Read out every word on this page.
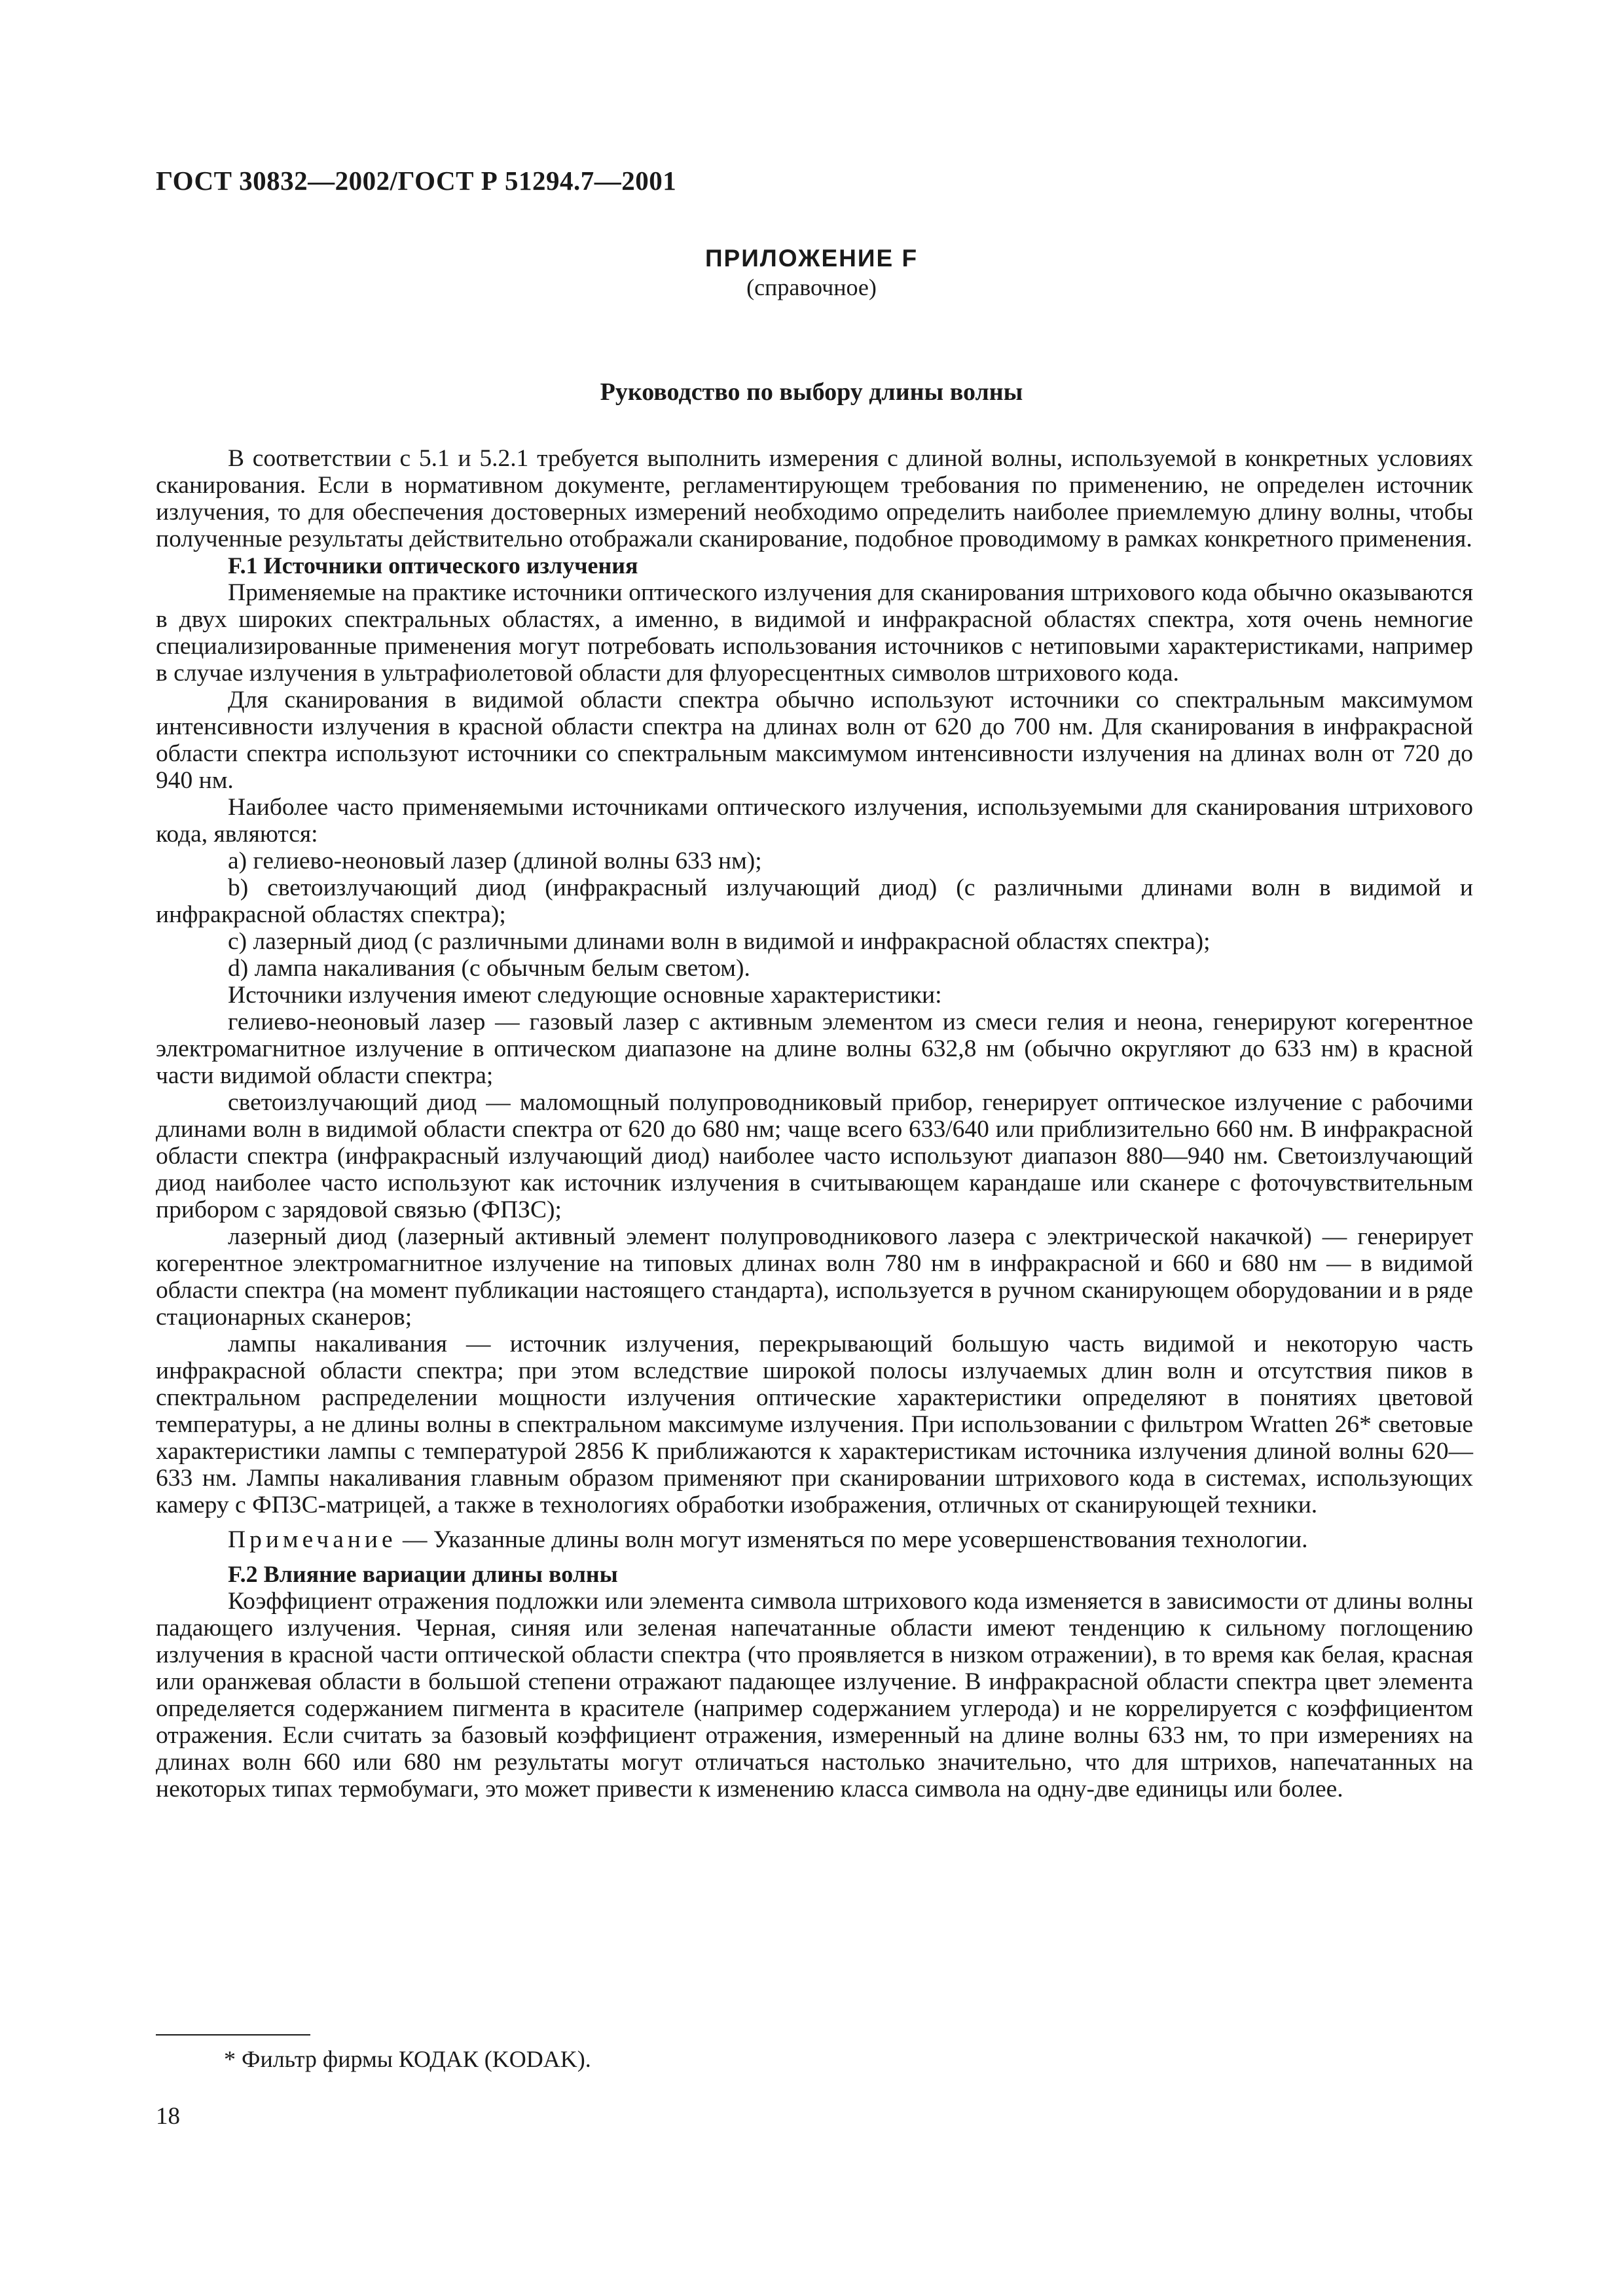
ГОСТ 30832—2002/ГОСТ Р 51294.7—2001
ПРИЛОЖЕНИЕ F
(справочное)
Руководство по выбору длины волны

В соответствии с 5.1 и 5.2.1 требуется выполнить измерения с длиной волны, используемой в конкретных условиях сканирования. Если в нормативном документе, регламентирующем требования по применению, не определен источник излучения, то для обеспечения достоверных измерений необходимо определить наиболее приемлемую длину волны, чтобы полученные результаты действительно отображали сканирование, подобное проводимому в рамках конкретного применения.

F.1 Источники оптического излучения

Применяемые на практике источники оптического излучения для сканирования штрихового кода обычно оказываются в двух широких спектральных областях, а именно, в видимой и инфракрасной областях спектра, хотя очень немногие специализированные применения могут потребовать использования источников с нетиповыми характеристиками, например в случае излучения в ультрафиолетовой области для флуоресцентных символов штрихового кода.

Для сканирования в видимой области спектра обычно используют источники со спектральным максимумом интенсивности излучения в красной области спектра на длинах волн от 620 до 700 нм. Для сканирования в инфракрасной области спектра используют источники со спектральным максимумом интенсивности излучения на длинах волн от 720 до 940 нм.

Наиболее часто применяемыми источниками оптического излучения, используемыми для сканирования штрихового кода, являются:

а) гелиево-неоновый лазер (длиной волны 633 нм);

b) светоизлучающий диод (инфракрасный излучающий диод) (с различными длинами волн в видимой и инфракрасной областях спектра);

c) лазерный диод (с различными длинами волн в видимой и инфракрасной областях спектра);

d) лампа накаливания (с обычным белым светом).

Источники излучения имеют следующие основные характеристики:

гелиево-неоновый лазер — газовый лазер с активным элементом из смеси гелия и неона, генерируют когерентное электромагнитное излучение в оптическом диапазоне на длине волны 632,8 нм (обычно округляют до 633 нм) в красной части видимой области спектра;

светоизлучающий диод — маломощный полупроводниковый прибор, генерирует оптическое излучение с рабочими длинами волн в видимой области спектра от 620 до 680 нм; чаще всего 633/640 или приблизительно 660 нм. В инфракрасной области спектра (инфракрасный излучающий диод) наиболее часто используют диапазон 880—940 нм. Светоизлучающий диод наиболее часто используют как источник излучения в считывающем карандаше или сканере с фоточувствительным прибором с зарядовой связью (ФПЗС);

лазерный диод (лазерный активный элемент полупроводникового лазера с электрической накачкой) — генерирует когерентное электромагнитное излучение на типовых длинах волн 780 нм в инфракрасной и 660 и 680 нм — в видимой области спектра (на момент публикации настоящего стандарта), используется в ручном сканирующем оборудовании и в ряде стационарных сканеров;

лампы накаливания — источник излучения, перекрывающий большую часть видимой и некоторую часть инфракрасной области спектра; при этом вследствие широкой полосы излучаемых длин волн и отсутствия пиков в спектральном распределении мощности излучения оптические характеристики определяют в понятиях цветовой температуры, а не длины волны в спектральном максимуме излучения. При использовании с фильтром Wratten 26* световые характеристики лампы с температурой 2856 K приближаются к характеристикам источника излучения длиной волны 620—633 нм. Лампы накаливания главным образом применяют при сканировании штрихового кода в системах, использующих камеру с ФПЗС-матрицей, а также в технологиях обработки изображения, отличных от сканирующей техники.

Примечание — Указанные длины волн могут изменяться по мере усовершенствования технологии.

F.2 Влияние вариации длины волны

Коэффициент отражения подложки или элемента символа штрихового кода изменяется в зависимости от длины волны падающего излучения. Черная, синяя или зеленая напечатанные области имеют тенденцию к сильному поглощению излучения в красной части оптической области спектра (что проявляется в низком отражении), в то время как белая, красная или оранжевая области в большой степени отражают падающее излучение. В инфракрасной области спектра цвет элемента определяется содержанием пигмента в красителе (например содержанием углерода) и не коррелируется с коэффициентом отражения. Если считать за базовый коэффициент отражения, измеренный на длине волны 633 нм, то при измерениях на длинах волн 660 или 680 нм результаты могут отличаться настолько значительно, что для штрихов, напечатанных на некоторых типах термобумаги, это может привести к изменению класса символа на одну-две единицы или более.

* Фильтр фирмы КОДАК (KODAK).

18
